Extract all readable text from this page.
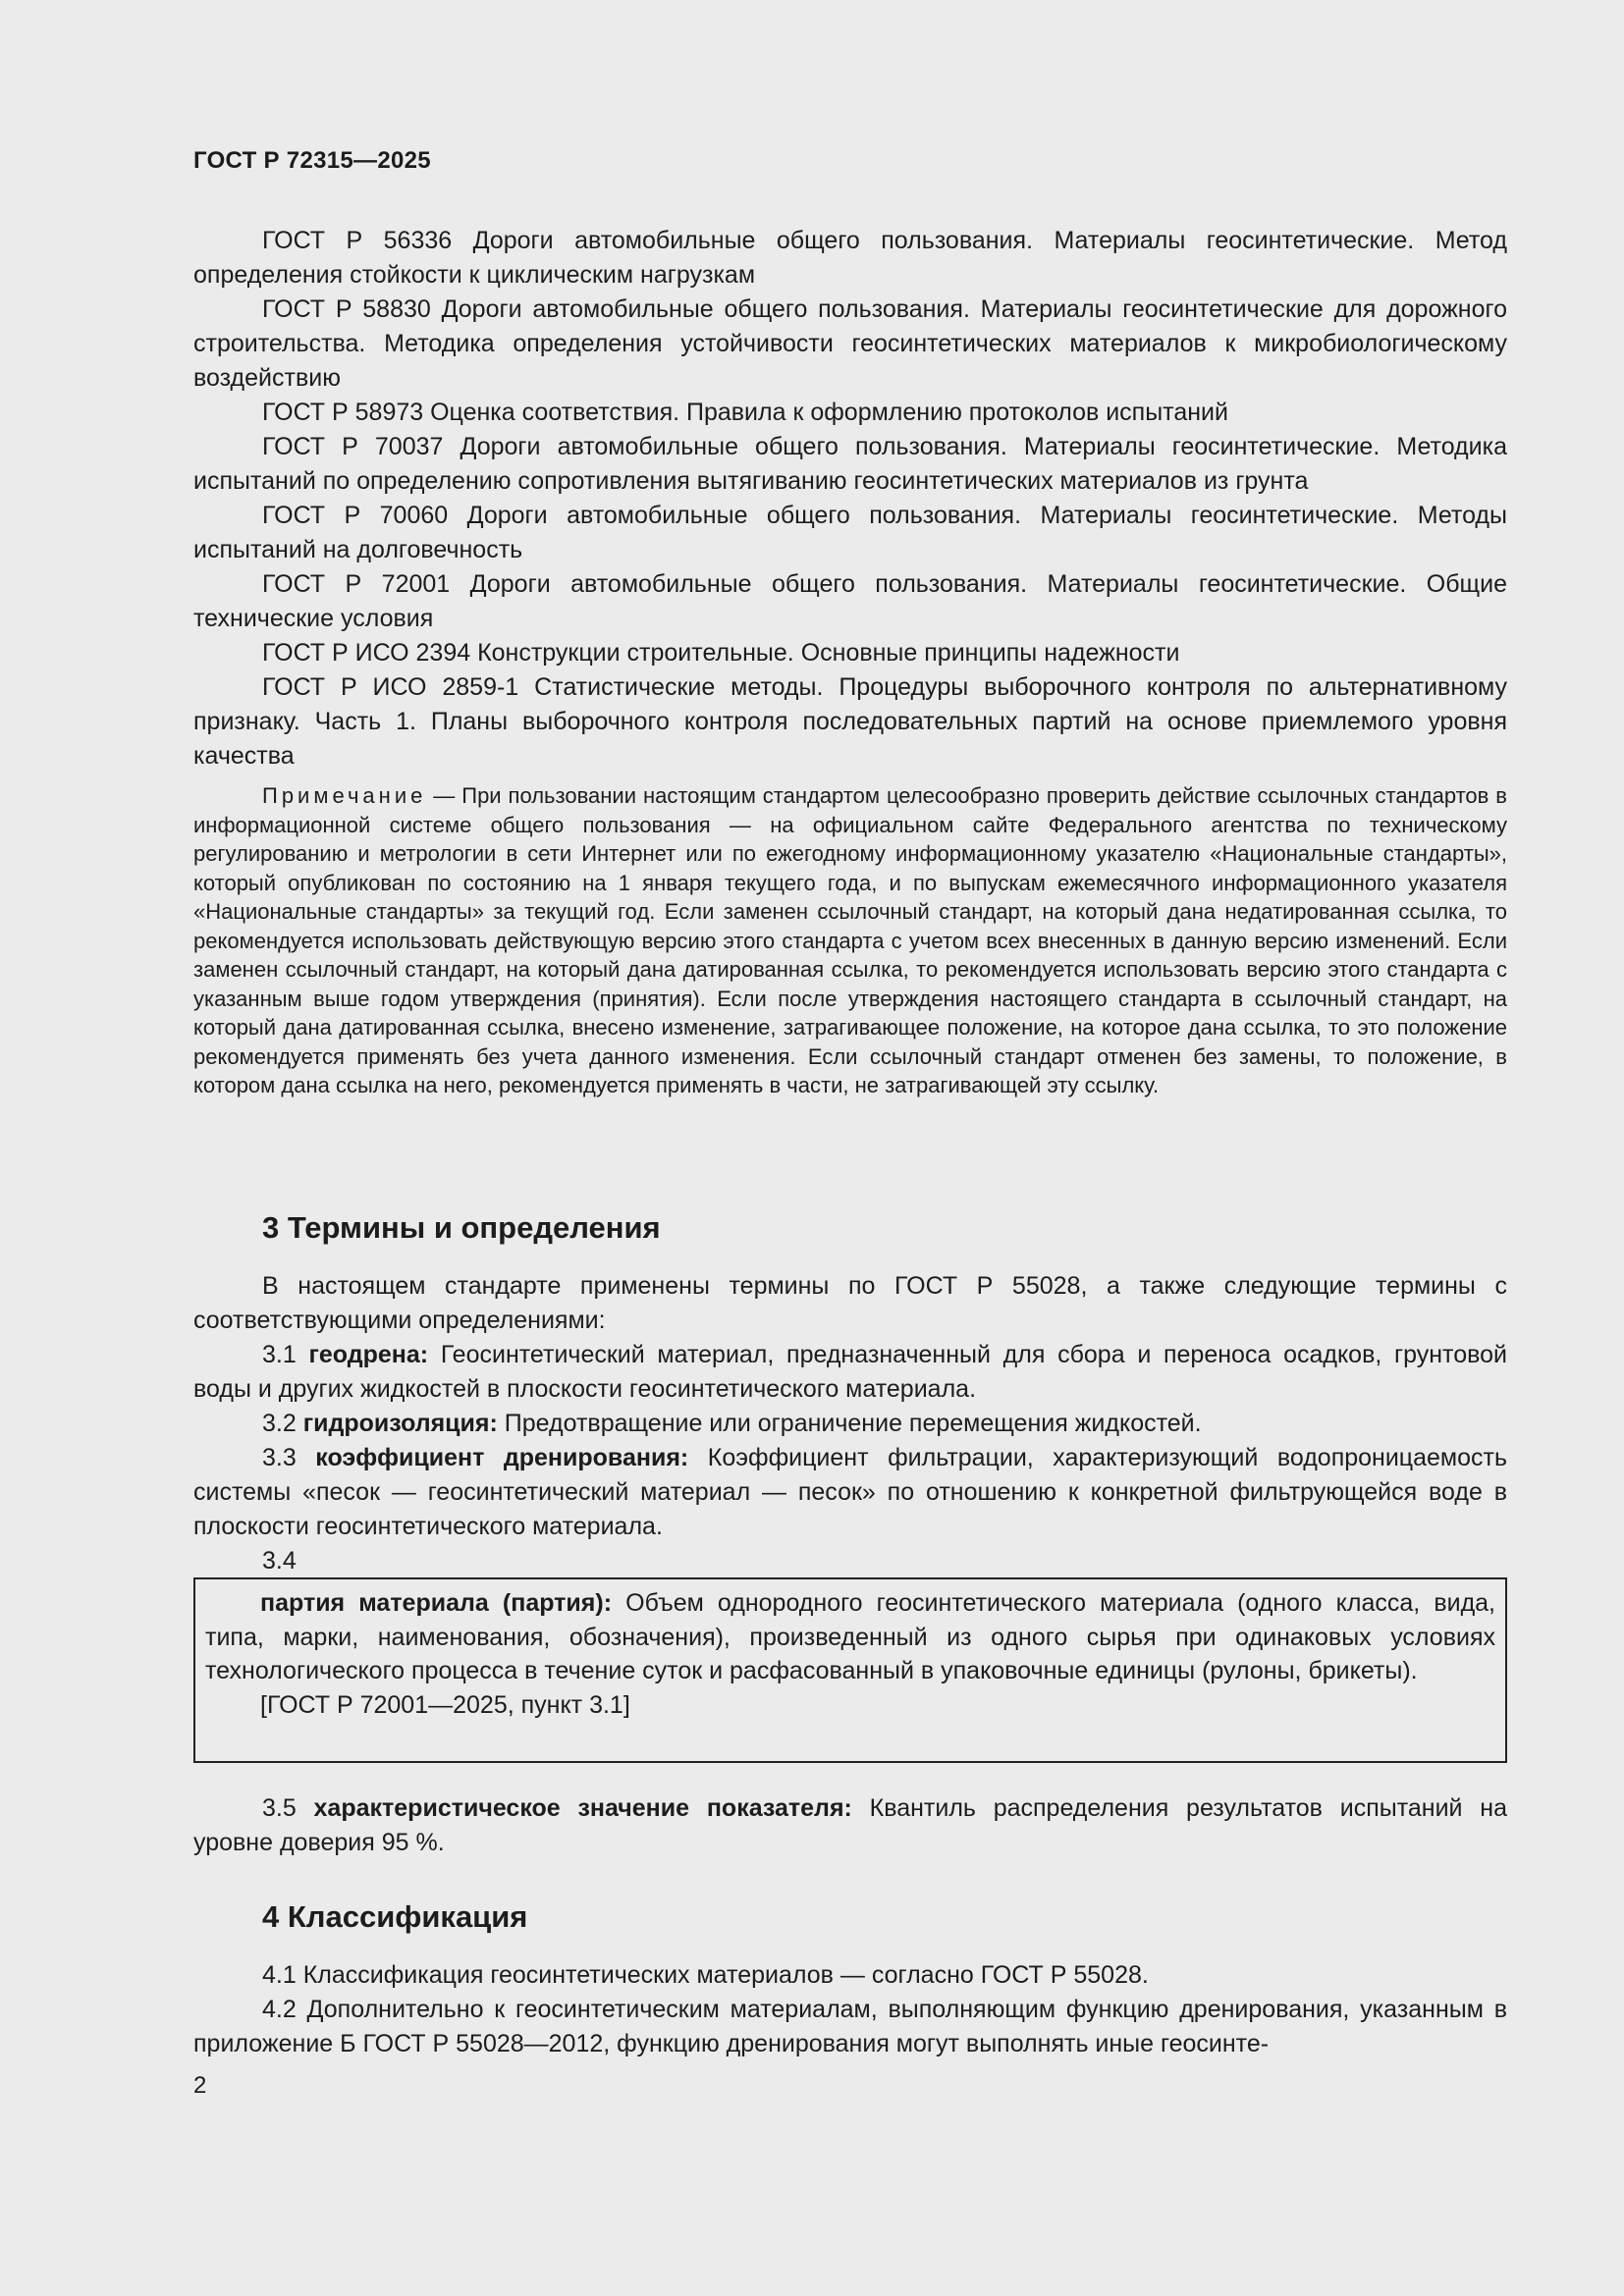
ГОСТ Р 72315—2025

ГОСТ Р 56336 Дороги автомобильные общего пользования. Материалы геосинтетические. Метод определения стойкости к циклическим нагрузкам

ГОСТ Р 58830 Дороги автомобильные общего пользования. Материалы геосинтетические для дорожного строительства. Методика определения устойчивости геосинтетических материалов к микробиологическому воздействию

ГОСТ Р 58973 Оценка соответствия. Правила к оформлению протоколов испытаний

ГОСТ Р 70037 Дороги автомобильные общего пользования. Материалы геосинтетические. Методика испытаний по определению сопротивления вытягиванию геосинтетических материалов из грунта

ГОСТ Р 70060 Дороги автомобильные общего пользования. Материалы геосинтетические. Методы испытаний на долговечность

ГОСТ Р 72001 Дороги автомобильные общего пользования. Материалы геосинтетические. Общие технические условия

ГОСТ Р ИСО 2394 Конструкции строительные. Основные принципы надежности

ГОСТ Р ИСО 2859-1 Статистические методы. Процедуры выборочного контроля по альтернативному признаку. Часть 1. Планы выборочного контроля последовательных партий на основе приемлемого уровня качества

Примечание — При пользовании настоящим стандартом целесообразно проверить действие ссылочных стандартов в информационной системе общего пользования — на официальном сайте Федерального агентства по техническому регулированию и метрологии в сети Интернет или по ежегодному информационному указателю «Национальные стандарты», который опубликован по состоянию на 1 января текущего года, и по выпускам ежемесячного информационного указателя «Национальные стандарты» за текущий год. Если заменен ссылочный стандарт, на который дана недатированная ссылка, то рекомендуется использовать действующую версию этого стандарта с учетом всех внесенных в данную версию изменений. Если заменен ссылочный стандарт, на который дана датированная ссылка, то рекомендуется использовать версию этого стандарта с указанным выше годом утверждения (принятия). Если после утверждения настоящего стандарта в ссылочный стандарт, на который дана датированная ссылка, внесено изменение, затрагивающее положение, на которое дана ссылка, то это положение рекомендуется применять без учета данного изменения. Если ссылочный стандарт отменен без замены, то положение, в котором дана ссылка на него, рекомендуется применять в части, не затрагивающей эту ссылку.

3 Термины и определения

В настоящем стандарте применены термины по ГОСТ Р 55028, а также следующие термины с соответствующими определениями:

3.1 геодрена: Геосинтетический материал, предназначенный для сбора и переноса осадков, грунтовой воды и других жидкостей в плоскости геосинтетического материала.

3.2 гидроизоляция: Предотвращение или ограничение перемещения жидкостей.

3.3 коэффициент дренирования: Коэффициент фильтрации, характеризующий водопроницаемость системы «песок — геосинтетический материал — песок» по отношению к конкретной фильтрующейся воде в плоскости геосинтетического материала.

3.4

партия материала (партия): Объем однородного геосинтетического материала (одного класса, вида, типа, марки, наименования, обозначения), произведенный из одного сырья при одинаковых условиях технологического процесса в течение суток и расфасованный в упаковочные единицы (рулоны, брикеты).

[ГОСТ Р 72001—2025, пункт 3.1]

3.5 характеристическое значение показателя: Квантиль распределения результатов испытаний на уровне доверия 95 %.

4 Классификация

4.1 Классификация геосинтетических материалов — согласно ГОСТ Р 55028.

4.2 Дополнительно к геосинтетическим материалам, выполняющим функцию дренирования, указанным в приложение Б ГОСТ Р 55028—2012, функцию дренирования могут выполнять иные геосинте-

2
